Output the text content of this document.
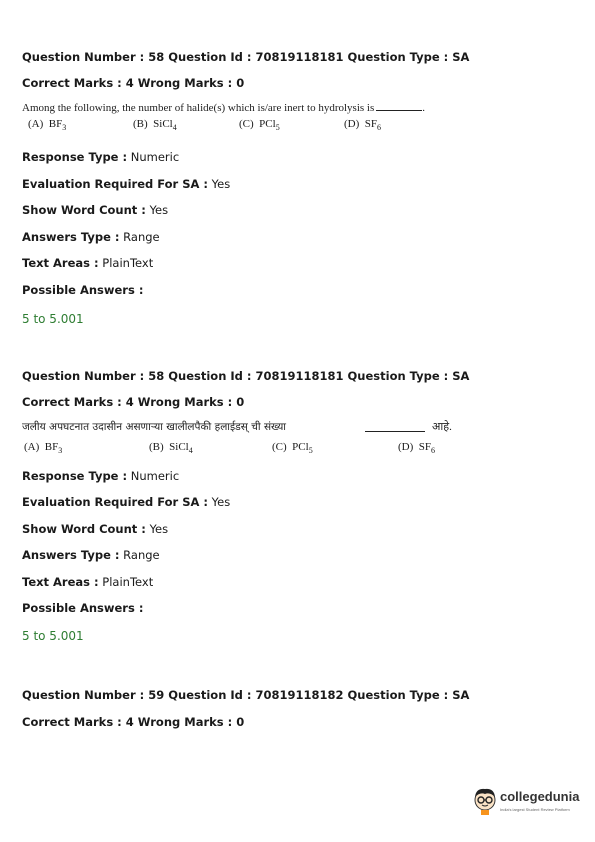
Question Number : 58 Question Id : 70819118181 Question Type : SA
Correct Marks : 4 Wrong Marks : 0
Among the following, the number of halide(s) which is/are inert to hydrolysis is	.
(A) $BF_3$	(B) SiCl$_4$	(C) PCl$_5$	(D) $SF_6$
Response Type : Numeric
Evaluation Required For SA : Yes
Show Word Count : Yes
Answers Type : Range
Text Areas : PlainText
Possible Answers :
5 to 5.001
Question Number : 58 Question Id : 70819118181 Question Type : SA
Correct Marks : 4 Wrong Marks : 0
जलीय अपघटनात उदासीन असणाऱ्या खालीलपैकी हलाईडस् ची संख्या	आहे.
(A) $BF_3$	(B) SiCl$_4$	(C) PCl$_5$	(D) $SF_6$
Response Type : Numeric
Evaluation Required For SA : Yes
Show Word Count : Yes
Answers Type : Range
Text Areas : PlainText
Possible Answers :
5 to 5.001
Question Number : 59 Question Id : 70819118182 Question Type : SA
Correct Marks : 4 Wrong Marks : 0
collegedunia
India's largest Student Review Platform
